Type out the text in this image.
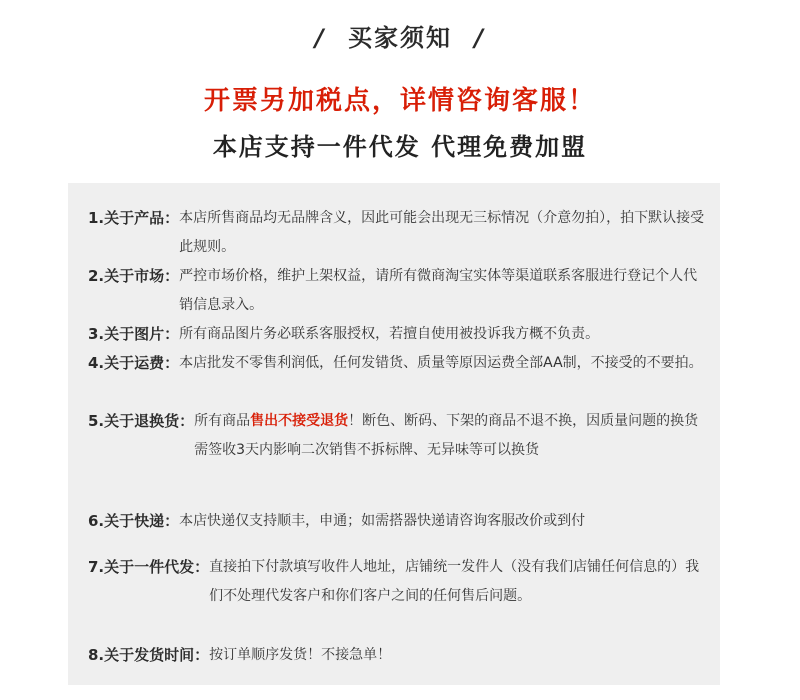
/ 买家须知 /
开票另加税点，详情咨询客服！
本店支持一件代发 代理免费加盟
1.关于产品： 本店所售商品均无品牌含义，因此可能会出现无三标情况（介意勿拍），拍下默认接受此规则。
2.关于市场： 严控市场价格，维护上架权益，请所有微商淘宝实体等渠道联系客服进行登记个人代销信息录入。
3.关于图片： 所有商品图片务必联系客服授权，若擅自使用被投诉我方概不负责。
4.关于运费： 本店批发不零售利润低，任何发错货、质量等原因运费全部AA制，不接受的不要拍。
5.关于退换货： 所有商品售出不接受退货！断色、断码、下架的商品不退不换，因质量问题的换货需签收3天内影响二次销售不拆标牌、无异味等可以换货
6.关于快递： 本店快递仅支持顺丰，申通；如需搭器快递请咨询客服改价或到付
7.关于一件代发： 直接拍下付款填写收件人地址，店铺统一发件人（没有我们店铺任何信息的）我们不处理代发客户和你们客户之间的任何售后问题。
8.关于发货时间： 按订单顺序发货！不接急单！
